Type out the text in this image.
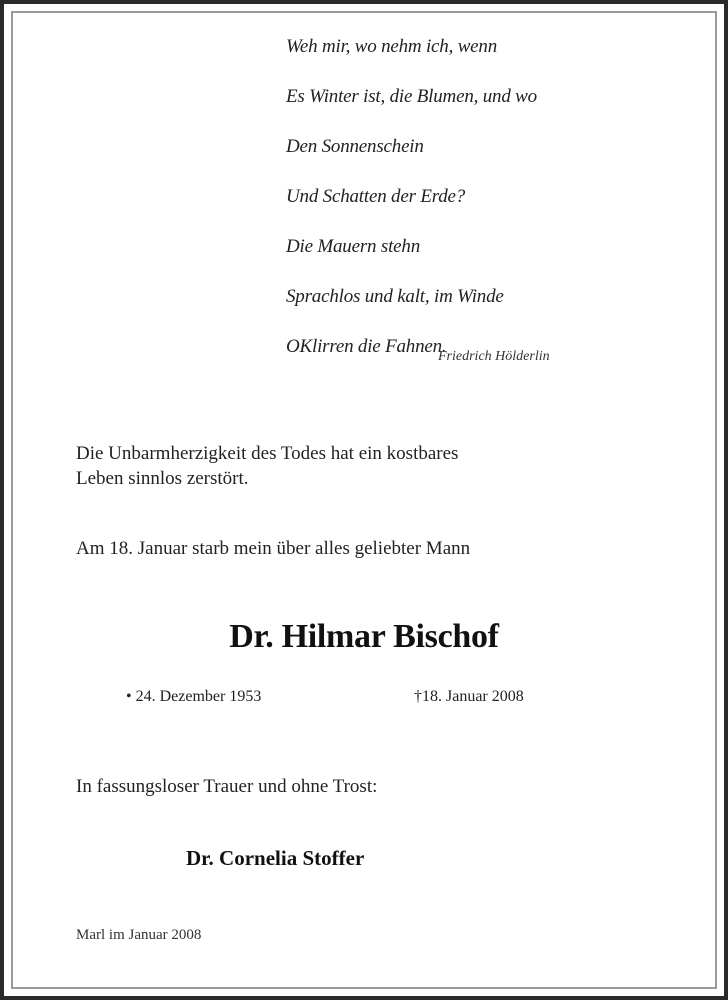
Weh mir, wo nehm ich, wenn
Es Winter ist, die Blumen, und wo
Den Sonnenschein
Und Schatten der Erde?
Die Mauern stehn
Sprachlos und kalt, im Winde
OKlirren die Fahnen.
Friedrich Hölderlin
Die Unbarmherzigkeit des Todes hat ein kostbares
Leben sinnlos zerstört.
Am 18. Januar starb mein über alles geliebter Mann
Dr. Hilmar Bischof
• 24. Dezember 1953	†18. Januar 2008
In fassungsloser Trauer und ohne Trost:
Dr. Cornelia Stoffer
Marl im Januar 2008
